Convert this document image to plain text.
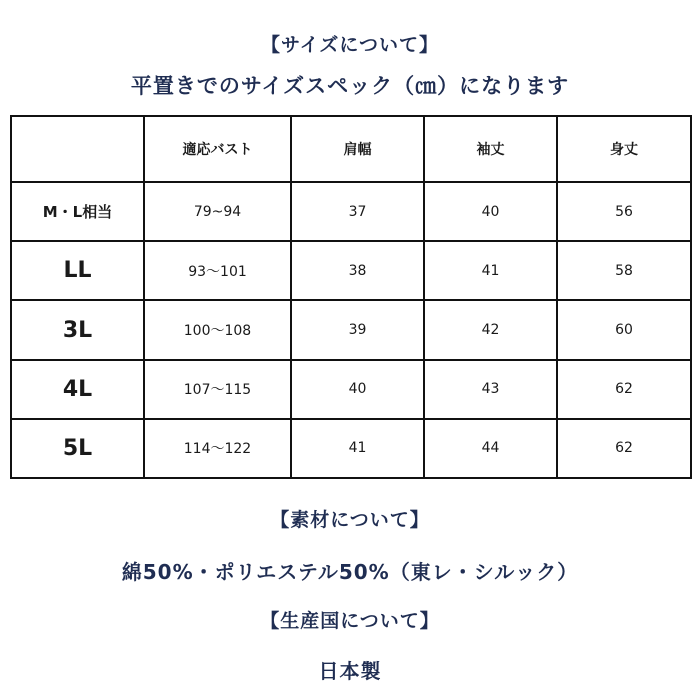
【サイズについて】
平置きでのサイズスペック（㎝）になります
	適応バスト	肩幅	袖丈	身丈
M・L相当	79~94	37	40	56
LL	93〜101	38	41	58
3L	100〜108	39	42	60
4L	107〜115	40	43	62
5L	114〜122	41	44	62
【素材について】
綿50%・ポリエステル50%（東レ・シルック）
【生産国について】
日本製
